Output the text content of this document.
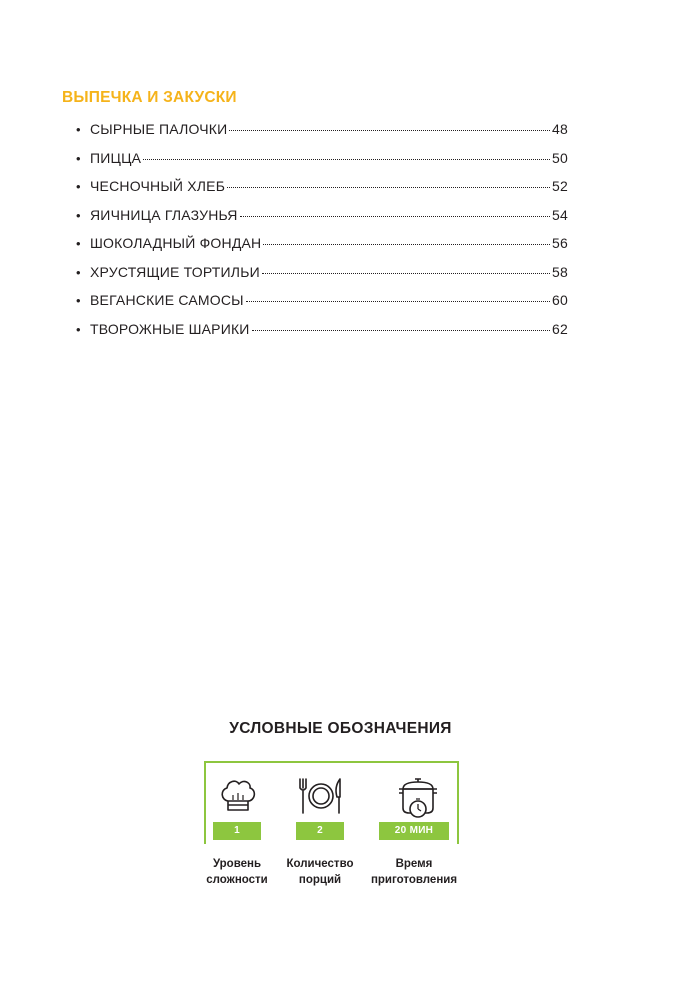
ВЫПЕЧКА И ЗАКУСКИ
• СЫРНЫЕ ПАЛОЧКИ	48
• ПИЦЦА	50
• ЧЕСНОЧНЫЙ ХЛЕБ	52
• ЯИЧНИЦА ГЛАЗУНЬЯ	54
• ШОКОЛАДНЫЙ ФОНДАН	56
• ХРУСТЯЩИЕ ТОРТИЛЬИ	58
• ВЕГАНСКИЕ САМОСЫ	60
• ТВОРОЖНЫЕ ШАРИКИ	62
УСЛОВНЫЕ ОБОЗНАЧЕНИЯ
1	2	20 МИН
Уровень
сложности
Количество
порций
Время
приготовления
